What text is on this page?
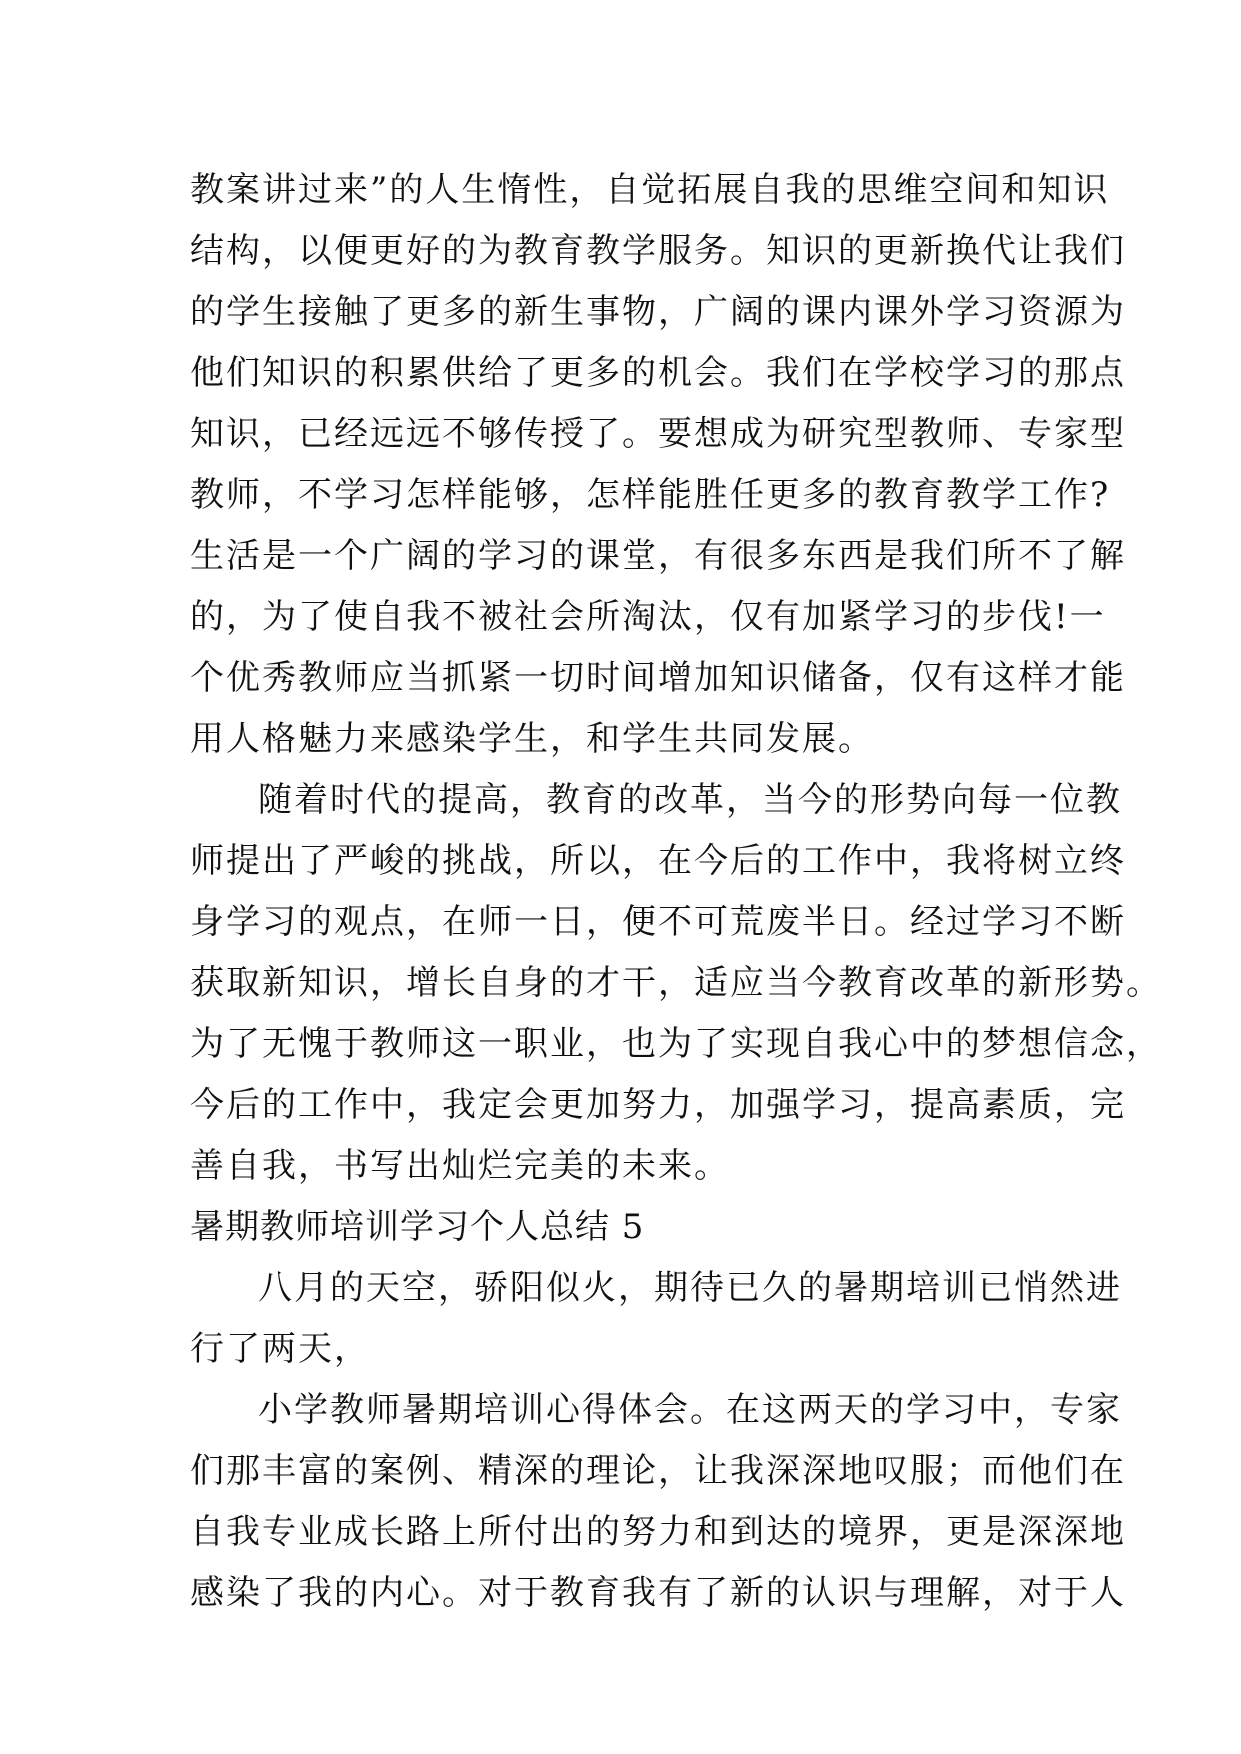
教案讲过来”的人生惰性，自觉拓展自我的思维空间和知识
结构，以便更好的为教育教学服务。知识的更新换代让我们
的学生接触了更多的新生事物，广阔的课内课外学习资源为
他们知识的积累供给了更多的机会。我们在学校学习的那点
知识，已经远远不够传授了。要想成为研究型教师、专家型
教师，不学习怎样能够，怎样能胜任更多的教育教学工作?
生活是一个广阔的学习的课堂，有很多东西是我们所不了解
的，为了使自我不被社会所淘汰，仅有加紧学习的步伐!一
个优秀教师应当抓紧一切时间增加知识储备，仅有这样才能
用人格魅力来感染学生，和学生共同发展。
随着时代的提高，教育的改革，当今的形势向每一位教
师提出了严峻的挑战，所以，在今后的工作中，我将树立终
身学习的观点，在师一日，便不可荒废半日。经过学习不断
获取新知识，增长自身的才干，适应当今教育改革的新形势。
为了无愧于教师这一职业，也为了实现自我心中的梦想信念，
今后的工作中，我定会更加努力，加强学习，提高素质，完
善自我，书写出灿烂完美的未来。
暑期教师培训学习个人总结 5
八月的天空，骄阳似火，期待已久的暑期培训已悄然进
行了两天，
小学教师暑期培训心得体会。在这两天的学习中，专家
们那丰富的案例、精深的理论，让我深深地叹服；而他们在
自我专业成长路上所付出的努力和到达的境界，更是深深地
感染了我的内心。对于教育我有了新的认识与理解，对于人
